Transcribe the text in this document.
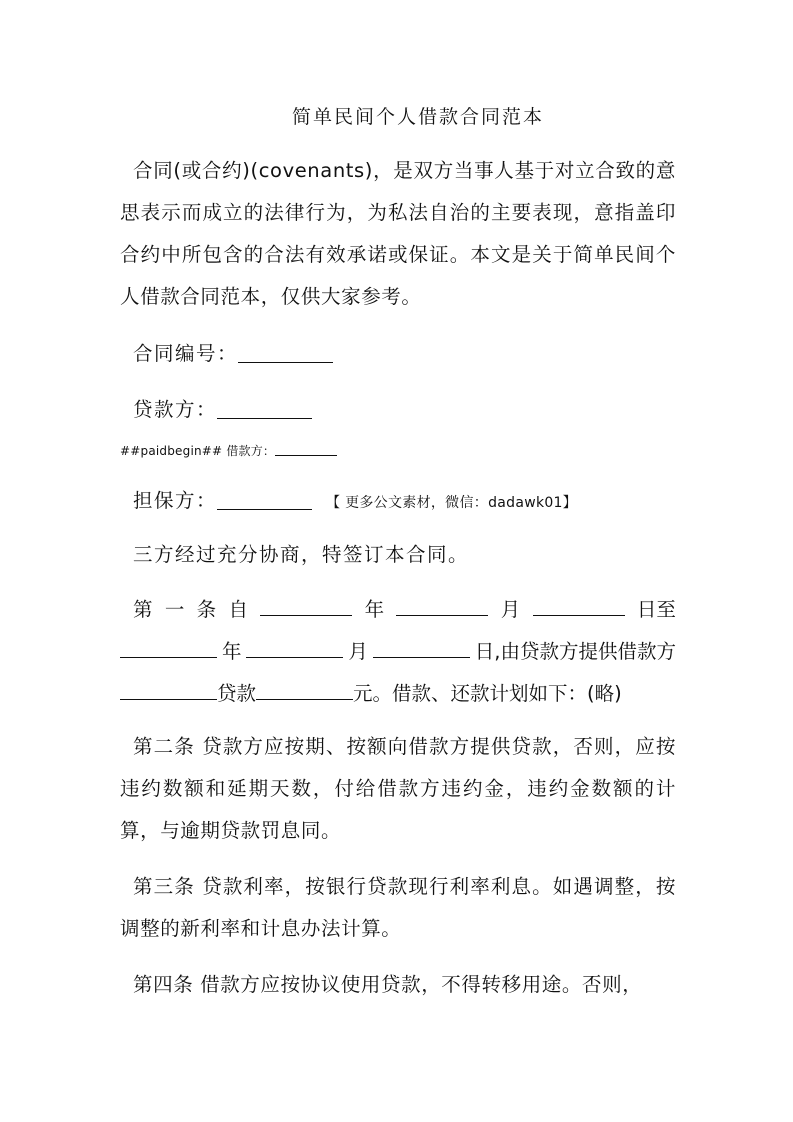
简单民间个人借款合同范本

合同(或合约)(covenants)，是双方当事人基于对立合致的意思表示而成立的法律行为，为私法自治的主要表现，意指盖印合约中所包含的合法有效承诺或保证。本文是关于简单民间个人借款合同范本，仅供大家参考。

合同编号：
贷款方：
##paidbegin## 借款方：
担保方：	【 更多公文素材，微信：dadawk01】
三方经过充分协商，特签订本合同。
第 一 条 自	年	月	日至
年	月	日,由贷款方提供借款方
贷款	元。借款、还款计划如下：(略)

第二条 贷款方应按期、按额向借款方提供贷款，否则，应按违约数额和延期天数，付给借款方违约金，违约金数额的计算，与逾期贷款罚息同。

第三条 贷款利率，按银行贷款现行利率利息。如遇调整，按调整的新利率和计息办法计算。

第四条 借款方应按协议使用贷款，不得转移用途。否则，
